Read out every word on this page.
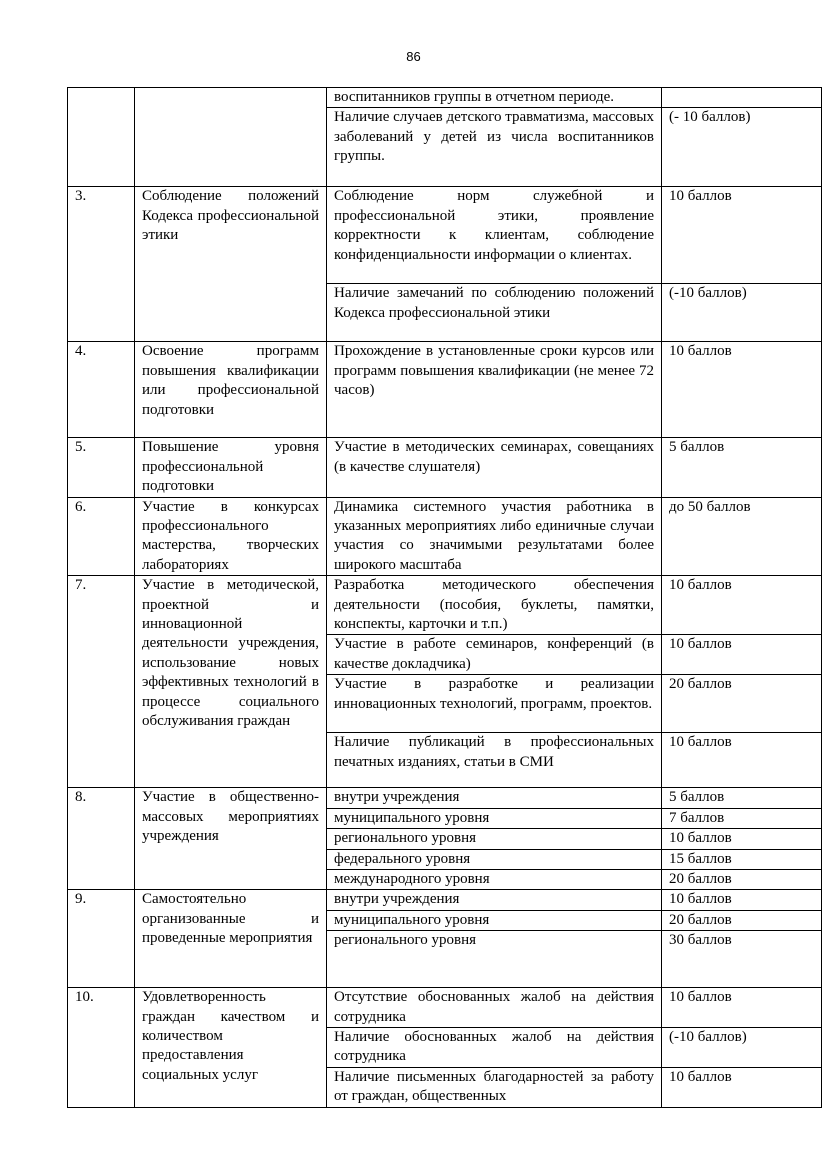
86
		воспитанников группы в отчетном периоде.	
		Наличие случаев детского травматизма, массовых заболеваний у детей из числа воспитанников группы.	(- 10 баллов)
3.	Соблюдение положений Кодекса профессиональной этики	Соблюдение норм служебной и профессиональной этики, проявление корректности к клиентам, соблюдение конфиденциальности информации о клиентах.	10 баллов
		Наличие замечаний по соблюдению положений Кодекса профессиональной этики	(-10 баллов)
4.	Освоение программ повышения квалификации или профессиональной подготовки	Прохождение в установленные сроки курсов или программ повышения квалификации (не менее 72 часов)	10 баллов
5.	Повышение уровня профессиональной подготовки	Участие в методических семинарах, совещаниях (в качестве слушателя)	5 баллов
6.	Участие в конкурсах профессионального мастерства, творческих лабораториях	Динамика системного участия работника в указанных мероприятиях либо единичные случаи участия со значимыми результатами более широкого масштаба	до 50 баллов
7.	Участие в методической, проектной и инновационной деятельности учреждения, использование новых эффективных технологий в процессе социального обслуживания граждан	Разработка методического обеспечения деятельности (пособия, буклеты, памятки, конспекты, карточки и т.п.)	10 баллов
		Участие в работе семинаров, конференций (в качестве докладчика)	10 баллов
		Участие в разработке и реализации инновационных технологий, программ, проектов.	20 баллов
		Наличие публикаций в профессиональных печатных изданиях, статьи в СМИ	10 баллов
8.	Участие в общественно-массовых мероприятиях учреждения	внутри учреждения	5 баллов
		муниципального уровня	7 баллов
		регионального уровня	10 баллов
		федерального уровня	15 баллов
		международного уровня	20 баллов
9.	Самостоятельно организованные и проведенные мероприятия	внутри учреждения	10 баллов
		муниципального уровня	20 баллов
		регионального уровня	30 баллов
10.	Удовлетворенность граждан качеством и количеством предоставления социальных услуг	Отсутствие обоснованных жалоб на действия сотрудника	10 баллов
		Наличие обоснованных жалоб на действия сотрудника	(-10 баллов)
		Наличие письменных благодарностей за работу от граждан, общественных	10 баллов
